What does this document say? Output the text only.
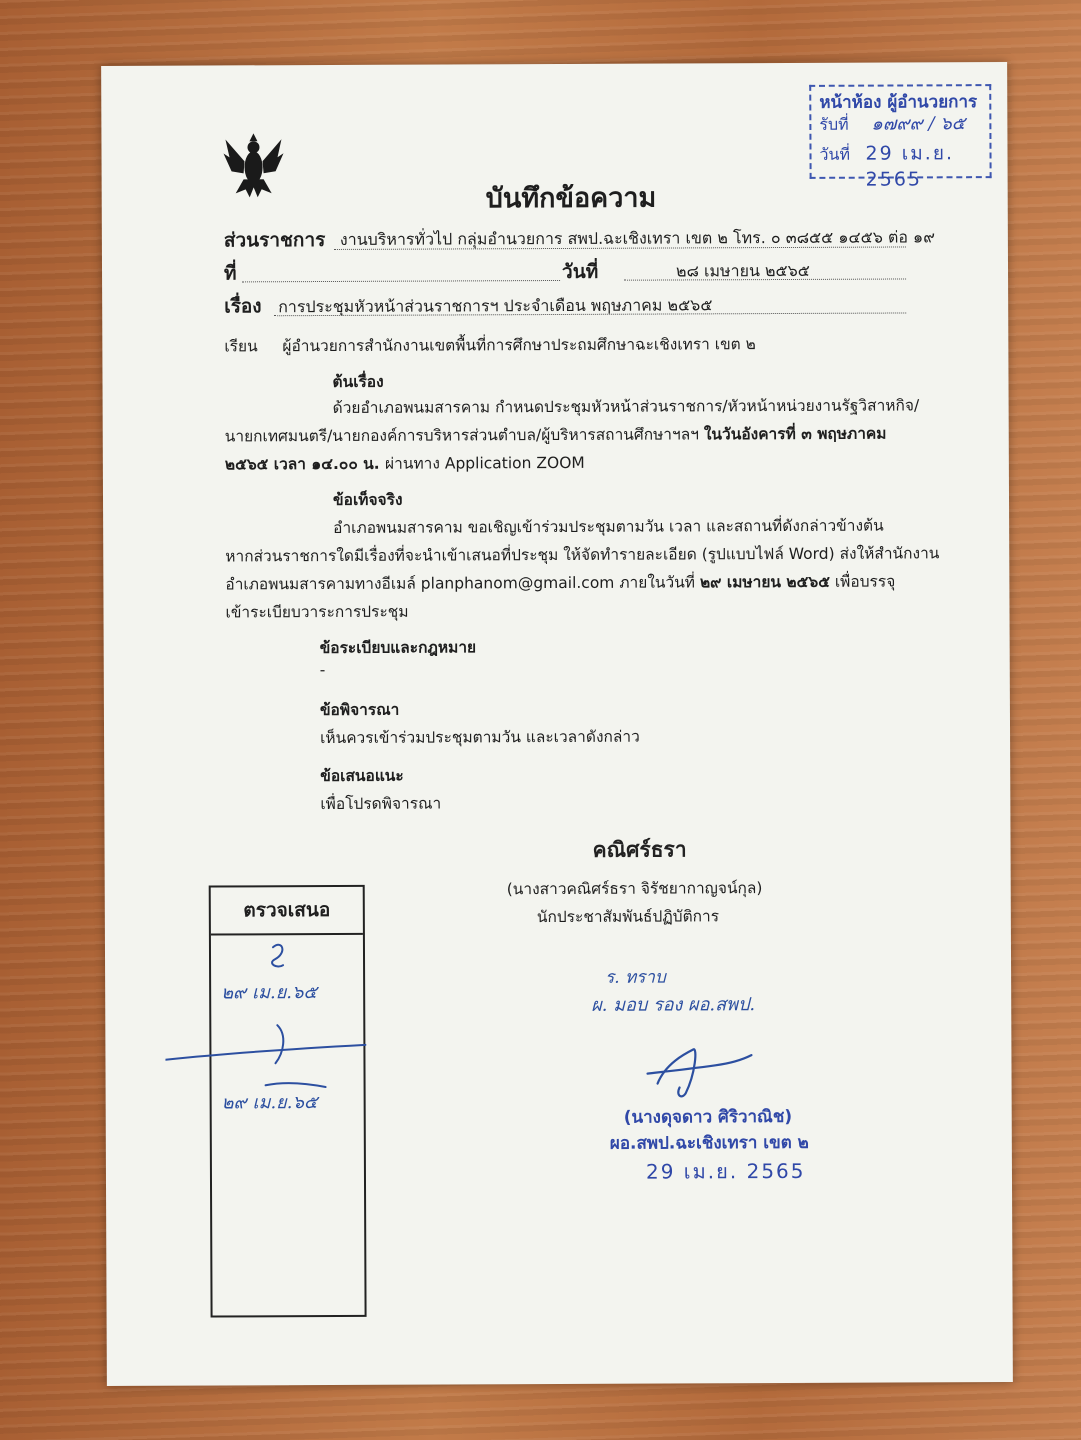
หน้าห้อง ผู้อำนวยการ
รับที่ ๑๗๙๙ / ๖๕
วันที่ 29 เม.ย. 2565
บันทึกข้อความ
ส่วนราชการ งานบริหารทั่วไป กลุ่มอำนวยการ สพป.ฉะเชิงเทรา เขต ๒ โทร. ๐ ๓๘๕๕ ๑๔๕๖ ต่อ ๑๙
ที่	วันที่	๒๘ เมษายน ๒๕๖๕
เรื่อง การประชุมหัวหน้าส่วนราชการฯ ประจำเดือน พฤษภาคม ๒๕๖๕
เรียน ผู้อำนวยการสำนักงานเขตพื้นที่การศึกษาประถมศึกษาฉะเชิงเทรา เขต ๒
ต้นเรื่อง
ด้วยอำเภอพนมสารคาม กำหนดประชุมหัวหน้าส่วนราชการ/หัวหน้าหน่วยงานรัฐวิสาหกิจ/
นายกเทศมนตรี/นายกองค์การบริหารส่วนตำบล/ผู้บริหารสถานศึกษาฯลฯ ในวันอังคารที่ ๓ พฤษภาคม
๒๕๖๕ เวลา ๑๔.๐๐ น. ผ่านทาง Application ZOOM
ข้อเท็จจริง
อำเภอพนมสารคาม ขอเชิญเข้าร่วมประชุมตามวัน เวลา และสถานที่ดังกล่าวข้างต้น
หากส่วนราชการใดมีเรื่องที่จะนำเข้าเสนอที่ประชุม ให้จัดทำรายละเอียด (รูปแบบไฟล์ Word) ส่งให้สำนักงาน
อำเภอพนมสารคามทางอีเมล์ planphanom@gmail.com ภายในวันที่ ๒๙ เมษายน ๒๕๖๕ เพื่อบรรจุ
เข้าระเบียบวาระการประชุม
ข้อระเบียบและกฎหมาย
-
ข้อพิจารณา
เห็นควรเข้าร่วมประชุมตามวัน และเวลาดังกล่าว
ข้อเสนอแนะ
เพื่อโปรดพิจารณา
คณิศร์ธรา
(นางสาวคณิศร์ธรา จิรัชยากาญจน์กุล)
นักประชาสัมพันธ์ปฏิบัติการ
ตรวจเสนอ
๒๙ เม.ย.๖๕
๒๙ เม.ย.๖๕
ร. ทราบ
ผ. มอบ รอง ผอ.สพป.
(นางดุจดาว ศิริวาณิช)
ผอ.สพป.ฉะเชิงเทรา เขต ๒
29 เม.ย. 2565
